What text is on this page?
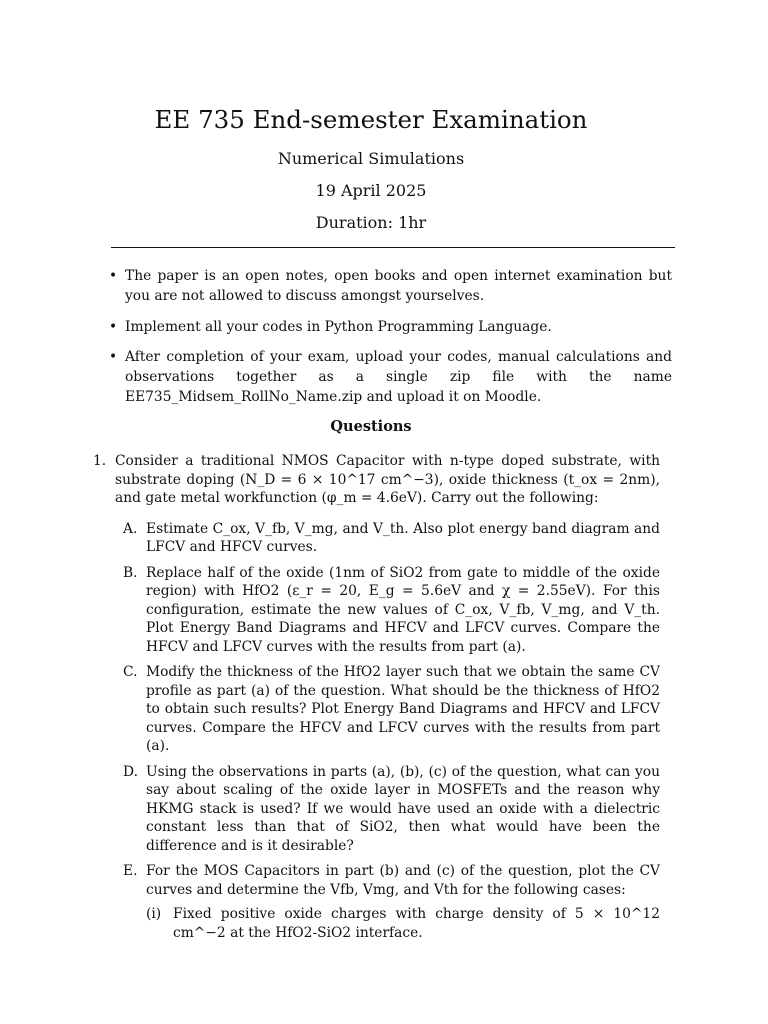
EE 735 End-semester Examination
Numerical Simulations
19 April 2025
Duration: 1hr
• The paper is an open notes, open books and open internet examination but you are not allowed to discuss amongst yourselves.
• Implement all your codes in Python Programming Language.
• After completion of your exam, upload your codes, manual calculations and observations together as a single zip file with the name EE735_Midsem_RollNo_Name.zip and upload it on Moodle.
Questions
1. Consider a traditional NMOS Capacitor with n-type doped substrate, with substrate doping (N_D = 6 × 10^17 cm^−3), oxide thickness (t_ox = 2nm), and gate metal workfunction (φ_m = 4.6eV). Carry out the following:
A. Estimate C_ox, V_fb, V_mg, and V_th. Also plot energy band diagram and LFCV and HFCV curves.
B. Replace half of the oxide (1nm of SiO2 from gate to middle of the oxide region) with HfO2 (ε_r = 20, E_g = 5.6eV and χ = 2.55eV). For this configuration, estimate the new values of C_ox, V_fb, V_mg, and V_th. Plot Energy Band Diagrams and HFCV and LFCV curves. Compare the HFCV and LFCV curves with the results from part (a).
C. Modify the thickness of the HfO2 layer such that we obtain the same CV profile as part (a) of the question. What should be the thickness of HfO2 to obtain such results? Plot Energy Band Diagrams and HFCV and LFCV curves. Compare the HFCV and LFCV curves with the results from part (a).
D. Using the observations in parts (a), (b), (c) of the question, what can you say about scaling of the oxide layer in MOSFETs and the reason why HKMG stack is used? If we would have used an oxide with a dielectric constant less than that of SiO2, then what would have been the difference and is it desirable?
E. For the MOS Capacitors in part (b) and (c) of the question, plot the CV curves and determine the Vfb, Vmg, and Vth for the following cases:
(i) Fixed positive oxide charges with charge density of 5 × 10^12 cm^−2 at the HfO2-SiO2 interface.
